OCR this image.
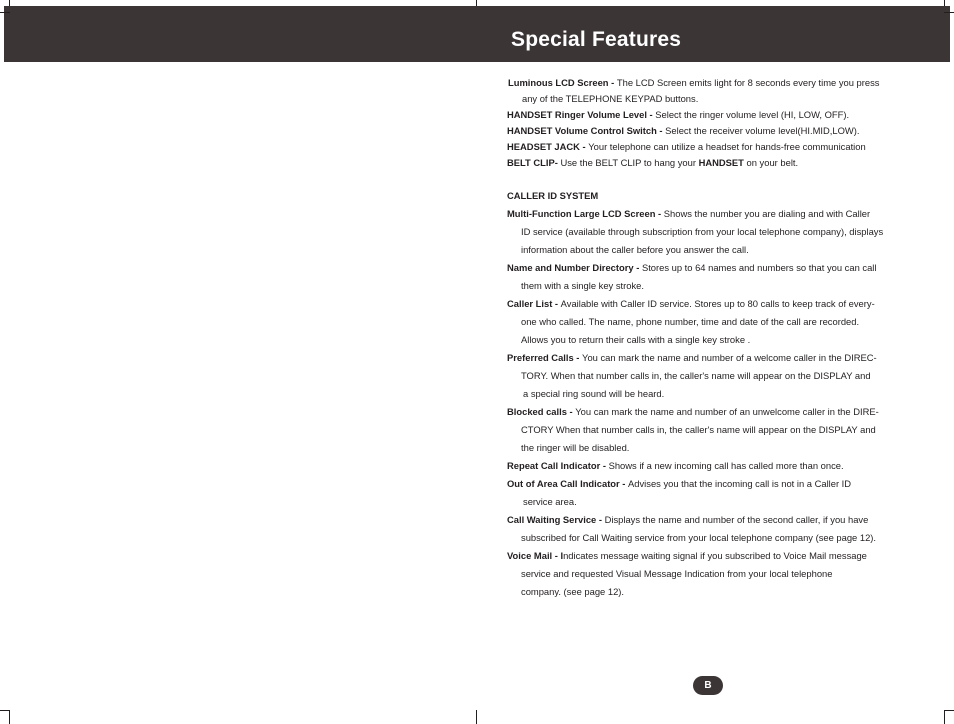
Special Features
Luminous LCD Screen - The LCD Screen emits light for 8 seconds every time you press
any of the TELEPHONE KEYPAD buttons.
HANDSET Ringer Volume Level - Select the ringer volume level (HI, LOW, OFF).
HANDSET Volume Control Switch - Select the receiver volume level(HI.MID,LOW).
HEADSET JACK - Your telephone can utilize a headset for hands-free communication
BELT CLIP- Use the BELT CLIP to hang your HANDSET on your belt.
CALLER ID SYSTEM
Multi-Function Large LCD Screen - Shows the number you are dialing and with Caller
ID service (available through subscription from your local telephone company), displays
information about the caller before you answer the call.
Name and Number Directory - Stores up to 64 names and numbers so that you can call
them with a single key stroke.
Caller List - Available with Caller ID service. Stores up to 80 calls to keep track of every-
one who called. The name, phone number, time and date of the call are recorded.
Allows you to return their calls with a single key stroke .
Preferred Calls - You can mark the name and number of a welcome caller in the DIREC-
TORY. When that number calls in, the caller's name will appear on the DISPLAY and
a special ring sound will be heard.
Blocked calls - You can mark the name and number of an unwelcome caller in the DIRE-
CTORY When that number calls in, the caller's name will appear on the DISPLAY and
the ringer will be disabled.
Repeat Call Indicator - Shows if a new incoming call has called more than once.
Out of Area Call Indicator - Advises you that the incoming call is not in a Caller ID
service area.
Call Waiting Service - Displays the name and number of the second caller, if you have
subscribed for Call Waiting service from your local telephone company (see page 12).
Voice Mail - Indicates message waiting signal if you subscribed to Voice Mail message
service and requested Visual Message Indication from your local telephone
company. (see page 12).
B
